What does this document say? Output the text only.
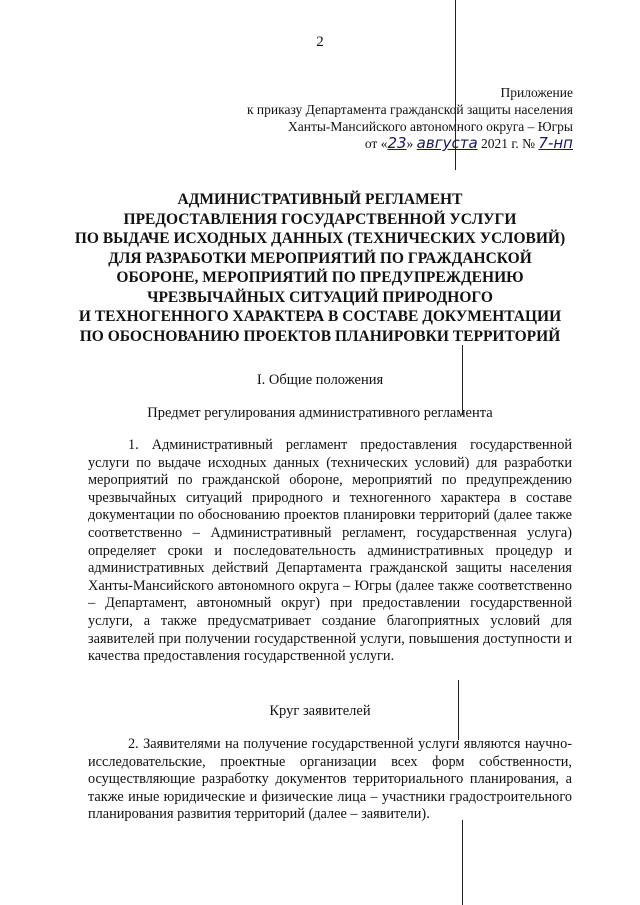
2
Приложение
к приказу Департамента гражданской защиты населения
Ханты-Мансийского автономного округа – Югры
от «23» августа 2021 г. № 7-нп
АДМИНИСТРАТИВНЫЙ РЕГЛАМЕНТ
ПРЕДОСТАВЛЕНИЯ ГОСУДАРСТВЕННОЙ УСЛУГИ
ПО ВЫДАЧЕ ИСХОДНЫХ ДАННЫХ (ТЕХНИЧЕСКИХ УСЛОВИЙ)
ДЛЯ РАЗРАБОТКИ МЕРОПРИЯТИЙ ПО ГРАЖДАНСКОЙ
ОБОРОНЕ, МЕРОПРИЯТИЙ ПО ПРЕДУПРЕЖДЕНИЮ
ЧРЕЗВЫЧАЙНЫХ СИТУАЦИЙ ПРИРОДНОГО
И ТЕХНОГЕННОГО ХАРАКТЕРА В СОСТАВЕ ДОКУМЕНТАЦИИ
ПО ОБОСНОВАНИЮ ПРОЕКТОВ ПЛАНИРОВКИ ТЕРРИТОРИЙ
I. Общие положения
Предмет регулирования административного регламента

1. Административный регламент предоставления государственной услуги по выдаче исходных данных (технических условий) для разработки мероприятий по гражданской обороне, мероприятий по предупреждению чрезвычайных ситуаций природного и техногенного характера в составе документации по обоснованию проектов планировки территорий (далее также соответственно – Административный регламент, государственная услуга) определяет сроки и последовательность административных процедур и административных действий Департамента гражданской защиты населения Ханты-Мансийского автономного округа – Югры (далее также соответственно – Департамент, автономный округ) при предоставлении государственной услуги, а также предусматривает создание благоприятных условий для заявителей при получении государственной услуги, повышения доступности и качества предоставления государственной услуги.

Круг заявителей

2. Заявителями на получение государственной услуги являются научно-исследовательские, проектные организации всех форм собственности, осуществляющие разработку документов территориального планирования, а также иные юридические и физические лица – участники градостроительного планирования развития территорий (далее – заявители).
